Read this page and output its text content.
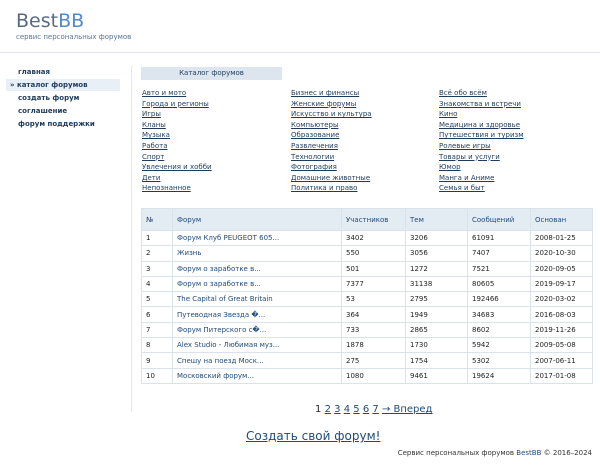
BestBB
сервис персональных форумов
главная
» каталог форумов
создать форум
соглашение
форум поддержки
Каталог форумов
Авто и мото
Города и регионы
Игры
Кланы
Музыка
Работа
Спорт
Увлечения и хобби
Дети
Непознанное
Бизнес и финансы
Женские форумы
Искусство и культура
Компьютеры
Образование
Развлечения
Технологии
Фотография
Домашние животные
Политика и право
Всё обо всём
Знакомства и встречи
Кино
Медицина и здоровье
Путешествия и туризм
Ролевые игры
Товары и услуги
Юмор
Манга и Аниме
Семья и быт
№	Форум	Участников	Тем	Сообщений	Основан
1	Форум Клуб PEUGEOT 605...	3402	3206	61091	2008-01-25
2	Жизнь	550	3056	7407	2020-10-30
3	Форум о заработке в...	501	1272	7521	2020-09-05
4	Форум о заработке в...	7377	31138	80605	2019-09-17
5	The Capital of Great Britain	53	2795	192466	2020-03-02
6	Путеводная Звезда �...	364	1949	34683	2016-08-03
7	Форум Питерского с�...	733	2865	8602	2019-11-26
8	Alex Studio - Любимая муз...	1878	1730	5942	2009-05-08
9	Спешу на поезд Моск...	275	1754	5302	2007-06-11
10	Московский форум...	1080	9461	19624	2017-01-08
1 2 3 4 5 6 7 → Вперед
Создать свой форум!
Сервис персональных форумов BestBB © 2016–2024
